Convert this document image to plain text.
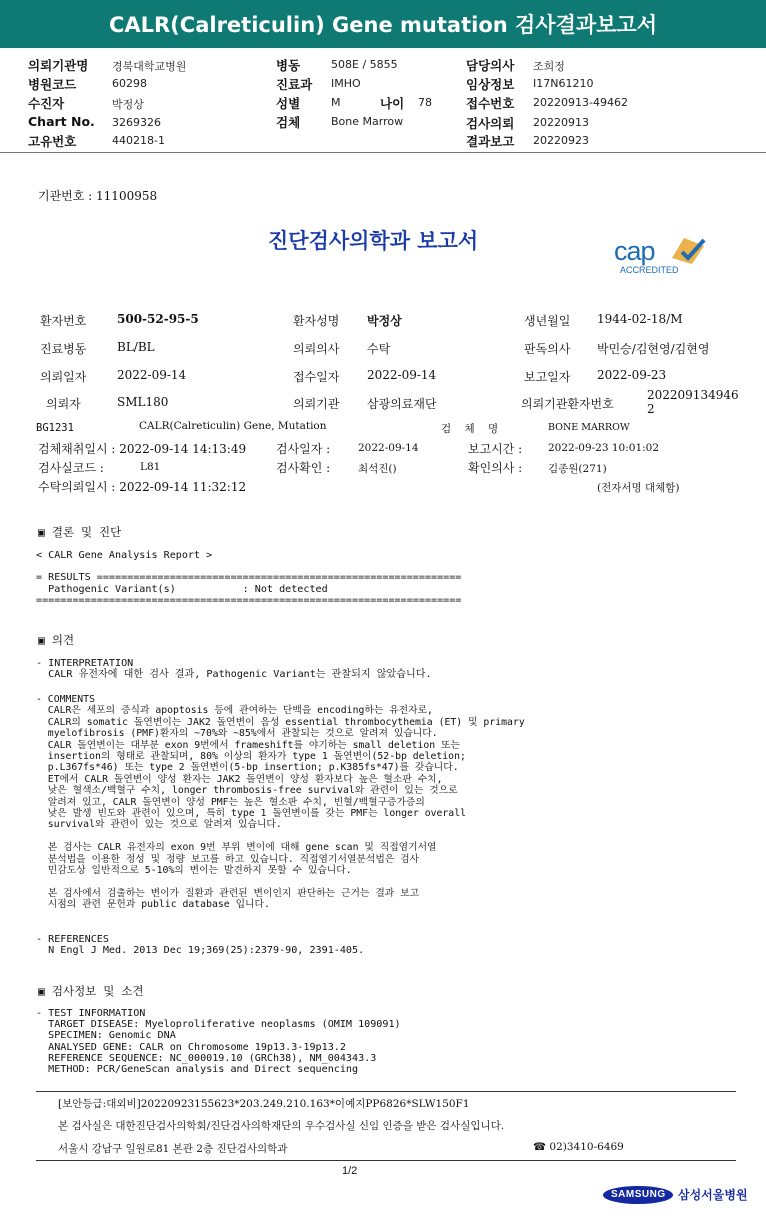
CALR(Calreticulin) Gene mutation 검사결과보고서
의뢰기관명 경북대학교병원	병동	508E / 5855	담당의사 조희정
병원코드	60298	진료과 IMHO	임상정보 I17N61210
수진자	박정상	성별	M	나이 78	접수번호 20220913-49462
Chart No. 3269326	검체	Bone Marrow	검사의뢰 20220913
고유번호	440218-1	결과보고 20220923
기관번호 : 11100958
진단검사의학과 보고서	cap
ACCREDITED
환자번호	500-52-95-5	환자성명 박정상	생년월일 1944-02-18/M
진료병동	BL/BL	의뢰의사 수탁	판독의사 박민승/김현영/김현영
의뢰일자	2022-09-14	접수일자 2022-09-14	보고일자 2022-09-23
의뢰자	SML180	의뢰기관 삼광의료재단	의뢰기관환자번호
202209134946
2
BG1231	CALR(Calreticulin) Gene, Mutation	검 체 명	BONE MARROW
검체채취일시 : 2022-09-14 14:13:49 검사일자 :	2022-09-14	보고시간 : 2022-09-23 10:01:02
검사실코드 :	L81	검사확인 :	최석진()	확인의사 : 김종원(271)
수탁의뢰일시 : 2022-09-14 11:32:12	(전자서명 대체함)
▣ 결론 및 진단
< CALR Gene Analysis Report >

= RESULTS ============================================================
Pathogenic Variant(s)           : Not detected
======================================================================
▣ 의견
- INTERPRETATION
CALR 유전자에 대한 검사 결과, Pathogenic Variant는 관찰되지 않았습니다.
- COMMENTS
CALR은 세포의 증식과 apoptosis 등에 관여하는 단백을 encoding하는 유전자로,
CALR의 somatic 돌연변이는 JAK2 돌연변이 음성 essential thrombocythemia (ET) 및 primary
myelofibrosis (PMF)환자의 ~70%와 ~85%에서 관찰되는 것으로 알려져 있습니다.
CALR 돌연변이는 대부분 exon 9번에서 frameshift를 야기하는 small deletion 또는
insertion의 형태로 관찰되며, 80% 이상의 환자가 type 1 돌연변이(52-bp deletion;
p.L367fs*46) 또는 type 2 돌연변이(5-bp insertion; p.K385fs*47)를 갖습니다.
ET에서 CALR 돌연변이 양성 환자는 JAK2 돌연변이 양성 환자보다 높은 혈소판 수치,
낮은 혈색소/백혈구 수치, longer thrombosis-free survival와 관련이 있는 것으로
알려져 있고, CALR 돌연변이 양성 PMF는 높은 혈소판 수치, 빈혈/백혈구증가증의
낮은 발생 빈도와 관련이 있으며, 특히 type 1 돌연변이를 갖는 PMF는 longer overall
survival와 관련이 있는 것으로 알려져 있습니다.

본 검사는 CALR 유전자의 exon 9번 부위 변이에 대해 gene scan 및 직접염기서열
분석법을 이용한 정성 및 정량 보고를 하고 있습니다. 직접염기서열분석법은 검사
민감도상 일반적으로 5-10%의 변이는 발견하지 못할 수 있습니다.

본 검사에서 검출하는 변이가 질환과 관련된 변이인지 판단하는 근거는 결과 보고
시점의 관련 문헌과 public database 입니다.
- REFERENCES
N Engl J Med. 2013 Dec 19;369(25):2379-90, 2391-405.
▣ 검사정보 및 소견
- TEST INFORMATION
TARGET DISEASE: Myeloproliferative neoplasms (OMIM 109091)
SPECIMEN: Genomic DNA
ANALYSED GENE: CALR on Chromosome 19p13.3-19p13.2
REFERENCE SEQUENCE: NC_000019.10 (GRCh38), NM_004343.3
METHOD: PCR/GeneScan analysis and Direct sequencing
[보안등급:대외비]20220923155623*203.249.210.163*이예지PP6826*SLW150F1
본 검사실은 대한진단검사의학회/진단검사의학재단의 우수검사실 신임 인증을 받은 검사실입니다.
서울시 강남구 일원로81 본관 2층 진단검사의학과	☎ 02)3410-6469
1/2
SAMSUNG 삼성서울병원
